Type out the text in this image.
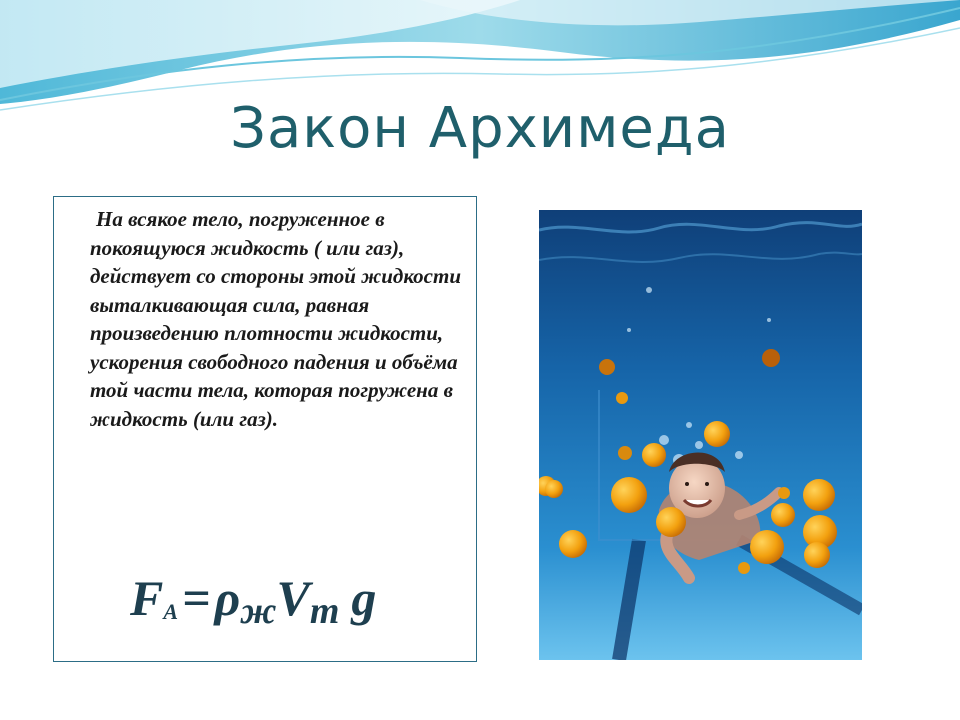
Закон Архимеда

На всякое тело, погруженное в покоящуюся жидкость ( или газ), действует со стороны этой жидкости выталкивающая сила, равная произведению плотности жидкости, ускорения свободного падения и объёма той части тела, которая погружена в жидкость (или газ).

FA = ρжVт g
